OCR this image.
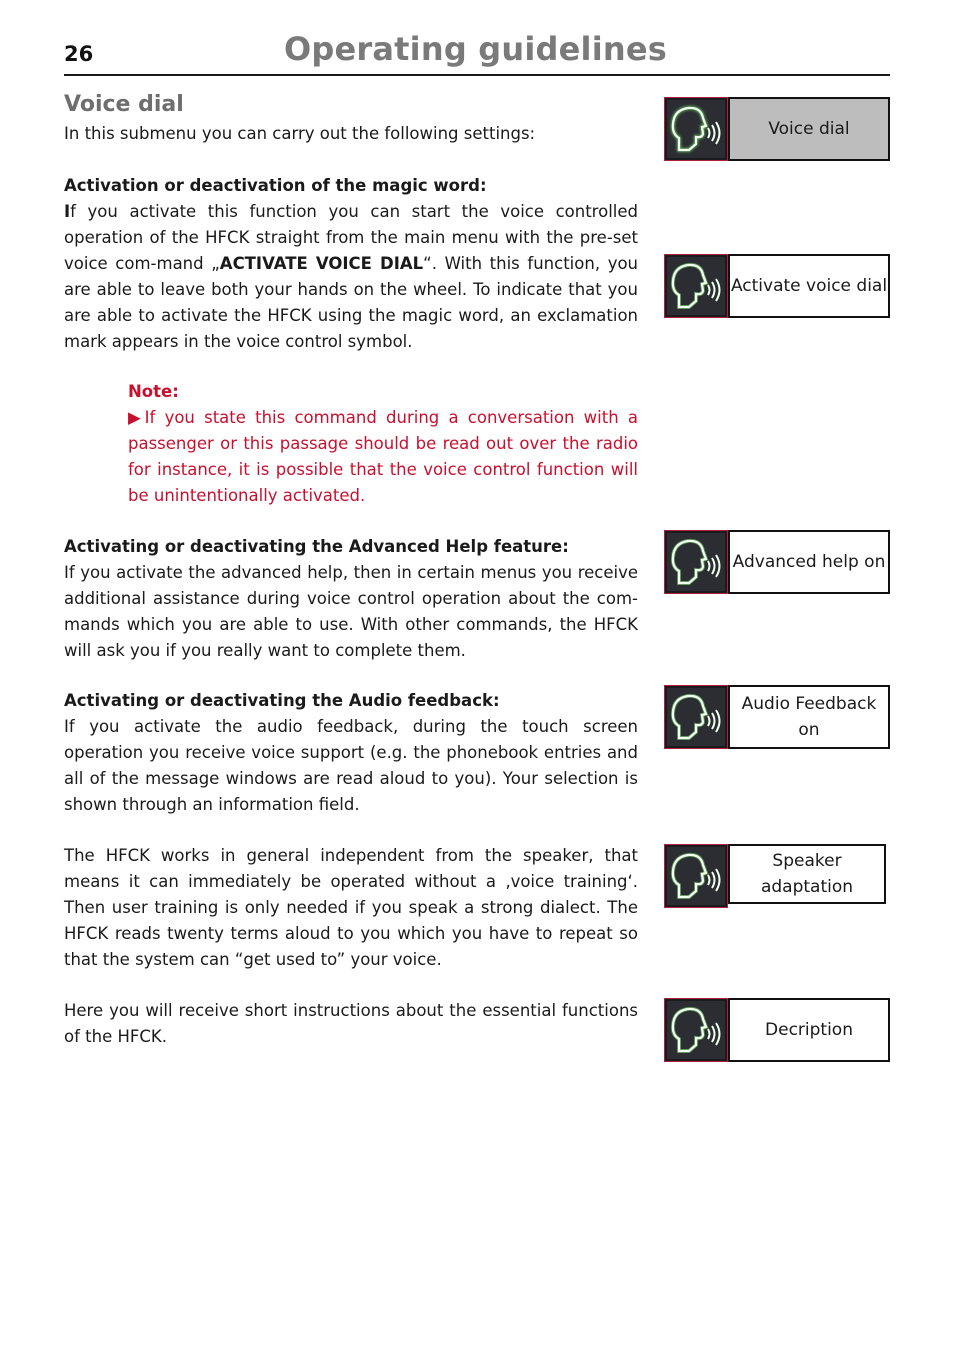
26	Operating guidelines
Voice dial
In this submenu you can carry out the following settings:
Activation or deactivation of the magic word:

If you activate this function you can start the voice controlled operation of the HFCK straight from the main menu with the pre-set voice com-mand „ACTIVATE VOICE DIAL“. With this function, you are able to leave both your hands on the wheel. To indicate that you are able to activate the HFCK using the magic word, an exclamation mark appears in the voice control symbol.

Note:
▶If you state this command during a conversation with a passenger or this passage should be read out over the radio for instance, it is possible that the voice control function will be unintentionally activated.
Activating or deactivating the Advanced Help feature:

If you activate the advanced help, then in certain menus you receive additional assistance during voice control operation about the com-mands which you are able to use. With other commands, the HFCK will ask you if you really want to complete them.

Activating or deactivating the Audio feedback:

If you activate the audio feedback, during the touch screen operation you receive voice support (e.g. the phonebook entries and all of the message windows are read aloud to you). Your selection is shown through an information field.

The HFCK works in general independent from the speaker, that means it can immediately be operated without a ‚voice training‘. Then user training is only needed if you speak a strong dialect. The HFCK reads twenty terms aloud to you which you have to repeat so that the system can “get used to” your voice.

Here you will receive short instructions about the essential functions of the HFCK.

Voice dial
Activate voice dial
Advanced help on
Audio Feedback on
Speaker adaptation
Decription
